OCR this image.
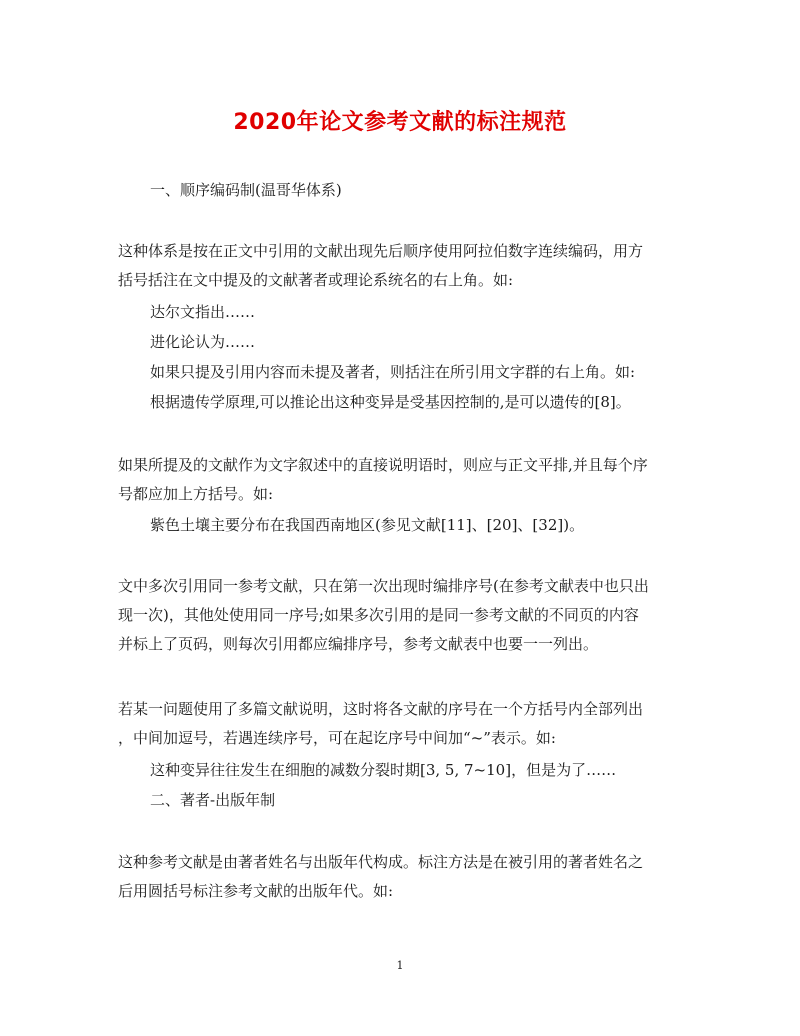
2020年论文参考文献的标注规范
一、顺序编码制(温哥华体系)
这种体系是按在正文中引用的文献出现先后顺序使用阿拉伯数字连续编码，用方
括号括注在文中提及的文献著者或理论系统名的右上角。如:
达尔文指出……
进化论认为……
如果只提及引用内容而未提及著者，则括注在所引用文字群的右上角。如:
根据遗传学原理,可以推论出这种变异是受基因控制的,是可以遗传的[8]。
如果所提及的文献作为文字叙述中的直接说明语时，则应与正文平排,并且每个序
号都应加上方括号。如:
紫色土壤主要分布在我国西南地区(参见文献[11]、[20]、[32])。
文中多次引用同一参考文献，只在第一次出现时编排序号(在参考文献表中也只出
现一次)，其他处使用同一序号;如果多次引用的是同一参考文献的不同页的内容
并标上了页码，则每次引用都应编排序号，参考文献表中也要一一列出。
若某一问题使用了多篇文献说明，这时将各文献的序号在一个方括号内全部列出
，中间加逗号，若遇连续序号，可在起讫序号中间加“~”表示。如:
这种变异往往发生在细胞的减数分裂时期[3, 5, 7~10]，但是为了……
二、著者-出版年制
这种参考文献是由著者姓名与出版年代构成。标注方法是在被引用的著者姓名之
后用圆括号标注参考文献的出版年代。如:
1
